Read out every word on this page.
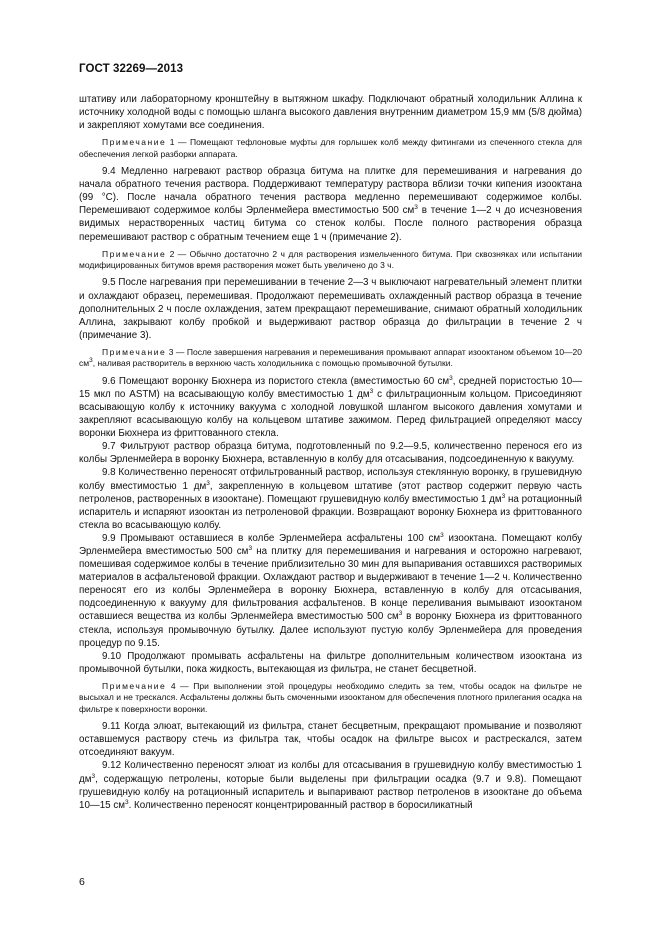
ГОСТ 32269—2013

штативу или лабораторному кронштейну в вытяжном шкафу. Подключают обратный холодильник Аллина к источнику холодной воды с помощью шланга высокого давления внутренним диаметром 15,9 мм (5/8 дюйма) и закрепляют хомутами все соединения.

Примечание 1 — Помещают тефлоновые муфты для горлышек колб между фитингами из спеченного стекла для обеспечения легкой разборки аппарата.

9.4 Медленно нагревают раствор образца битума на плитке для перемешивания и нагревания до начала обратного течения раствора. Поддерживают температуру раствора вблизи точки кипения изооктана (99 °С). После начала обратного течения раствора медленно перемешивают содержимое колбы. Перемешивают содержимое колбы Эрленмейера вместимостью 500 $см^3$ в течение 1—2 ч до исчезновения видимых нерастворенных частиц битума со стенок колбы. После полного растворения образца перемешивают раствор с обратным течением еще 1 ч (примечание 2).

Примечание 2 — Обычно достаточно 2 ч для растворения измельченного битума. При сквозняках или испытании модифицированных битумов время растворения может быть увеличено до 3 ч.

9.5 После нагревания при перемешивании в течение 2—3 ч выключают нагревательный элемент плитки и охлаждают образец, перемешивая. Продолжают перемешивать охлажденный раствор образца в течение дополнительных 2 ч после охлаждения, затем прекращают перемешивание, снимают обратный холодильник Аллина, закрывают колбу пробкой и выдерживают раствор образца до фильтрации в течение 2 ч (примечание 3).

Примечание 3 — После завершения нагревания и перемешивания промывают аппарат изооктаном объемом 10—20 $см^3$, наливая растворитель в верхнюю часть холодильника с помощью промывочной бутылки.

9.6 Помещают воронку Бюхнера из пористого стекла (вместимостью 60 $см^3$, средней пористостью 10—15 мкл по ASTM) на всасывающую колбу вместимостью 1 $дм^3$ с фильтрационным кольцом. Присоединяют всасывающую колбу к источнику вакуума с холодной ловушкой шлангом высокого давления хомутами и закрепляют всасывающую колбу на кольцевом штативе зажимом. Перед фильтрацией определяют массу воронки Бюхнера из фриттованного стекла.

9.7 Фильтруют раствор образца битума, подготовленный по 9.2—9.5, количественно перенося его из колбы Эрленмейера в воронку Бюхнера, вставленную в колбу для отсасывания, подсоединенную к вакууму.

9.8 Количественно переносят отфильтрованный раствор, используя стеклянную воронку, в грушевидную колбу вместимостью 1 $дм^3$, закрепленную в кольцевом штативе (этот раствор содержит первую часть петроленов, растворенных в изооктане). Помещают грушевидную колбу вместимостью 1 $дм^3$ на ротационный испаритель и испаряют изооктан из петроленовой фракции. Возвращают воронку Бюхнера из фриттованного стекла во всасывающую колбу.

9.9 Промывают оставшиеся в колбе Эрленмейера асфальтены 100 $см^3$ изооктана. Помещают колбу Эрленмейера вместимостью 500 $см^3$ на плитку для перемешивания и нагревания и осторожно нагревают, помешивая содержимое колбы в течение приблизительно 30 мин для выпаривания оставшихся растворимых материалов в асфальтеновой фракции. Охлаждают раствор и выдерживают в течение 1—2 ч. Количественно переносят его из колбы Эрленмейера в воронку Бюхнера, вставленную в колбу для отсасывания, подсоединенную к вакууму для фильтрования асфальтенов. В конце переливания вымывают изооктаном оставшиеся вещества из колбы Эрленмейера вместимостью 500 $см^3$ в воронку Бюхнера из фриттованного стекла, используя промывочную бутылку. Далее используют пустую колбу Эрленмейера для проведения процедур по 9.15.

9.10 Продолжают промывать асфальтены на фильтре дополнительным количеством изооктана из промывочной бутылки, пока жидкость, вытекающая из фильтра, не станет бесцветной.

Примечание 4 — При выполнении этой процедуры необходимо следить за тем, чтобы осадок на фильтре не высыхал и не трескался. Асфальтены должны быть смоченными изооктаном для обеспечения плотного прилегания осадка на фильтре к поверхности воронки.

9.11 Когда элюат, вытекающий из фильтра, станет бесцветным, прекращают промывание и позволяют оставшемуся раствору стечь из фильтра так, чтобы осадок на фильтре высох и растрескался, затем отсоединяют вакуум.

9.12 Количественно переносят элюат из колбы для отсасывания в грушевидную колбу вместимостью 1 $дм^3$, содержащую петролены, которые были выделены при фильтрации осадка (9.7 и 9.8). Помещают грушевидную колбу на ротационный испаритель и выпаривают раствор петроленов в изооктане до объема 10—15 $см^3$. Количественно переносят концентрированный раствор в боросиликатный

6
